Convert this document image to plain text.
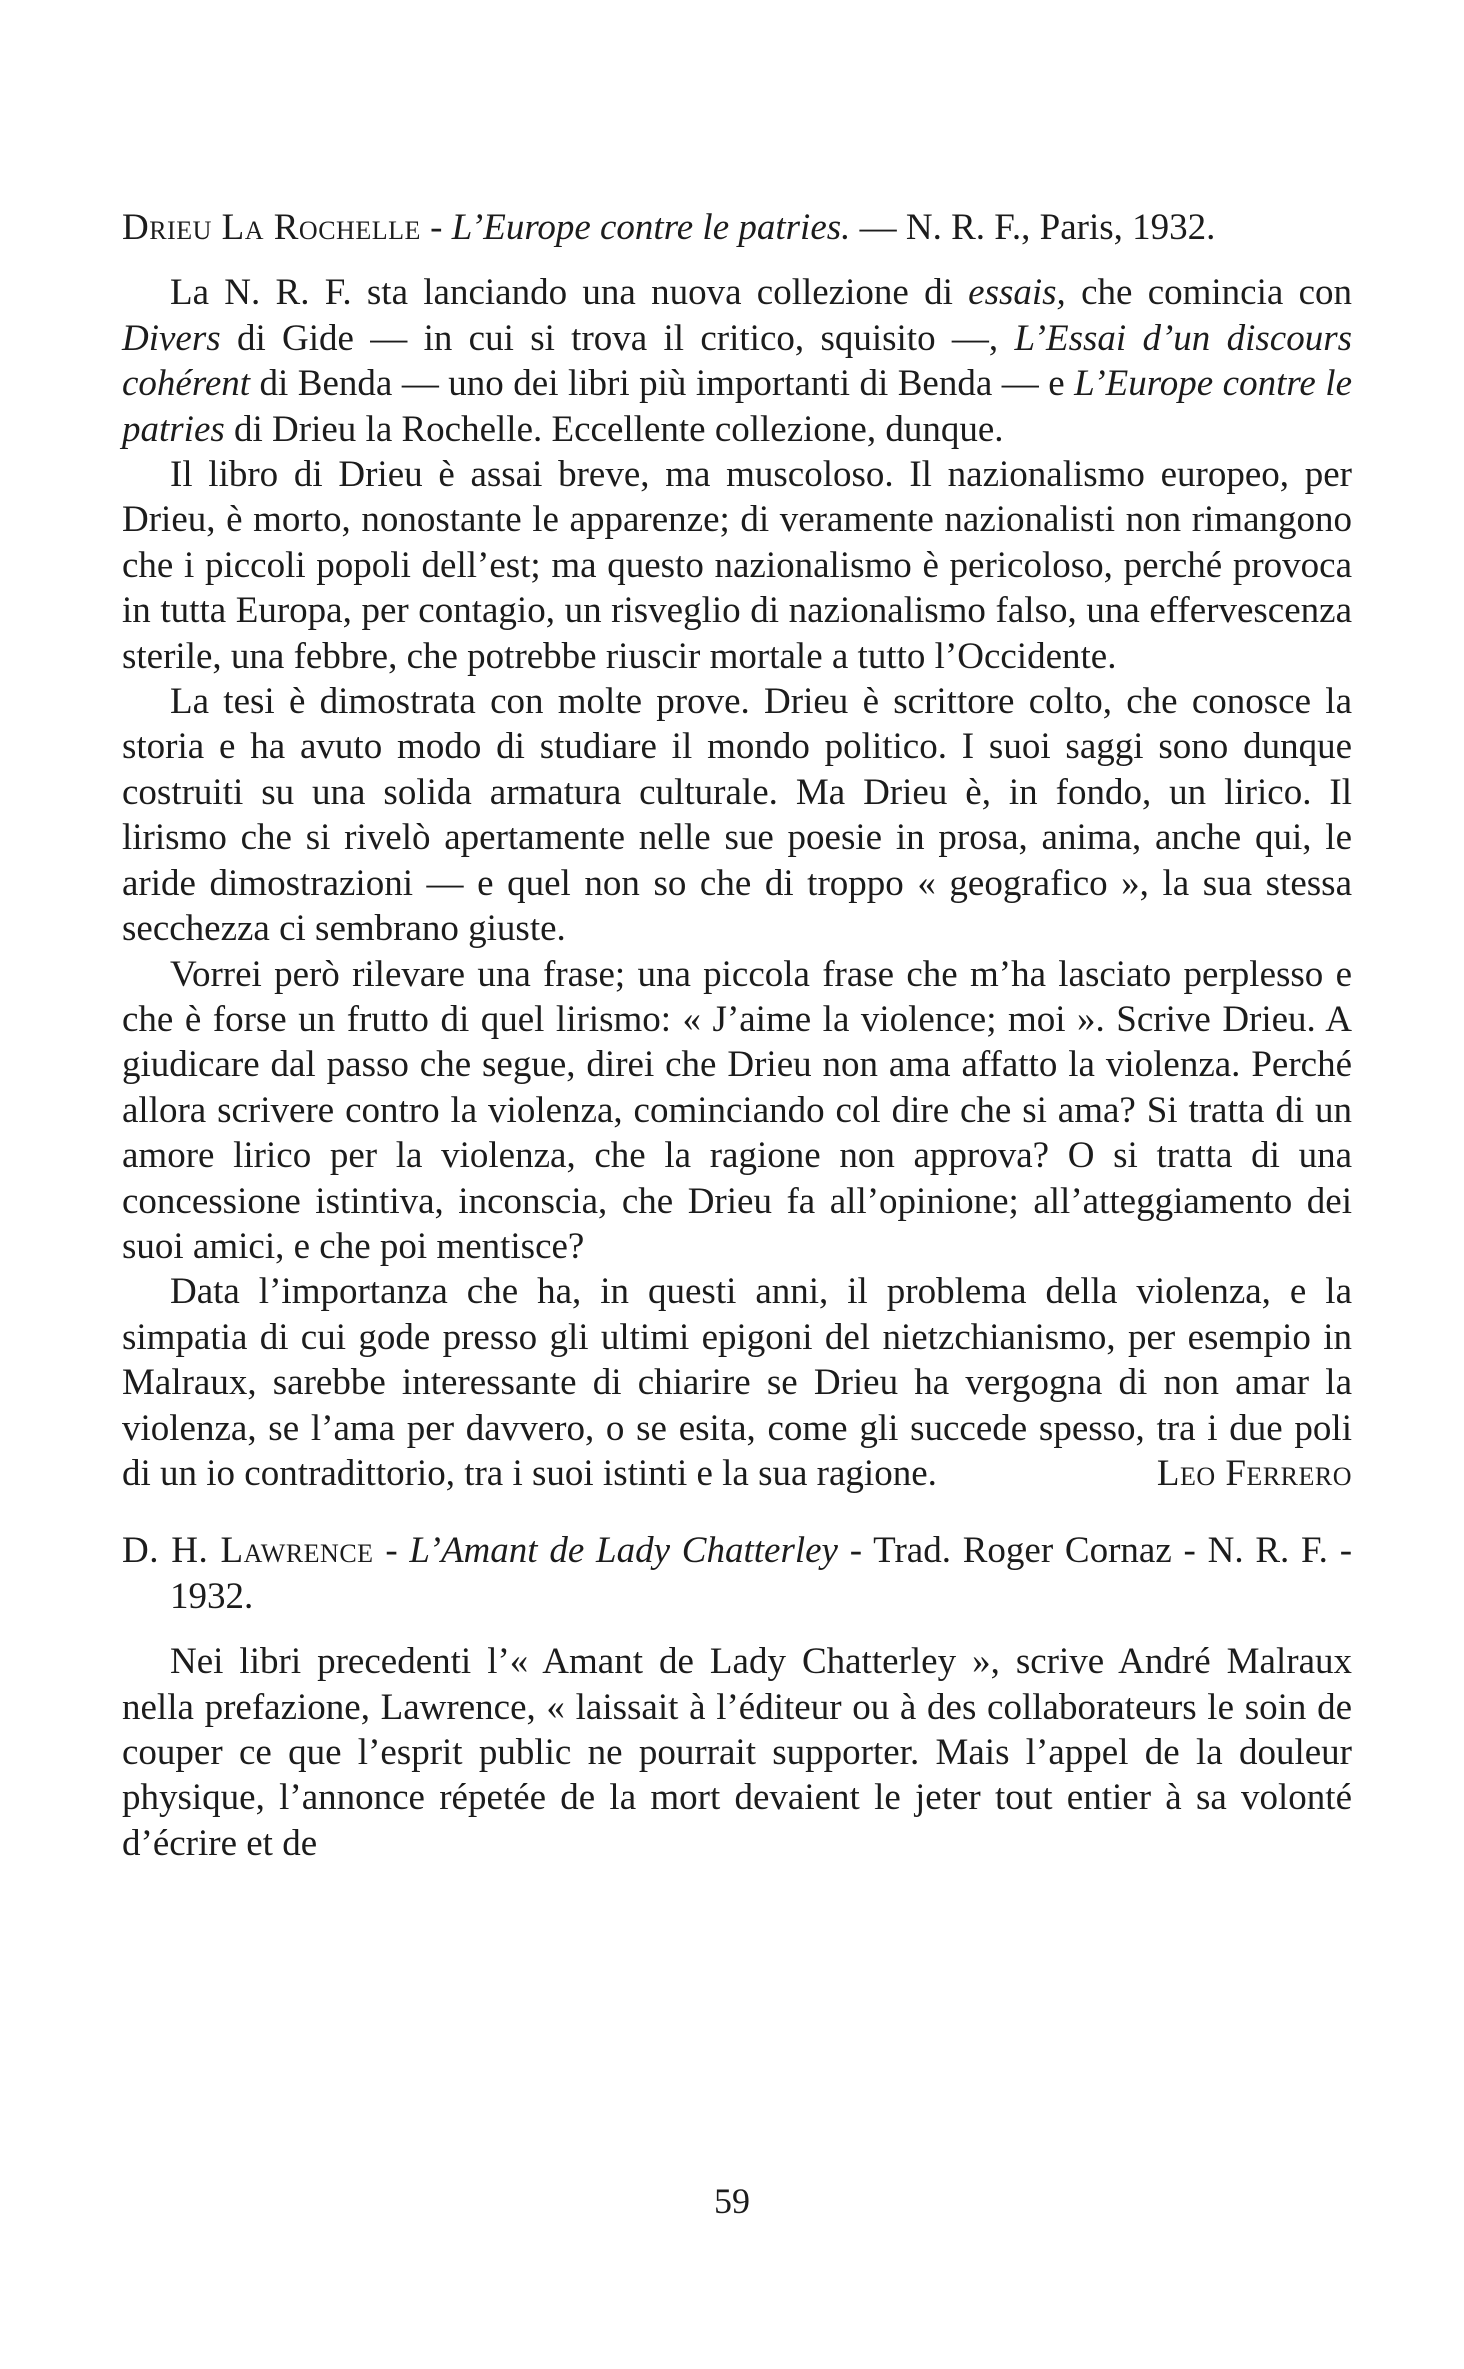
Drieu La Rochelle - L’Europe contre le patries. — N. R. F., Paris, 1932.

La N. R. F. sta lanciando una nuova collezione di essais, che comincia con Divers di Gide — in cui si trova il critico, squisito —, L’Essai d’un discours cohérent di Benda — uno dei libri più importanti di Benda — e L’Europe contre le patries di Drieu la Rochelle. Eccellente collezione, dunque.

Il libro di Drieu è assai breve, ma muscoloso. Il nazionalismo europeo, per Drieu, è morto, nonostante le apparenze; di veramente nazionalisti non rimangono che i piccoli popoli dell’est; ma questo nazionalismo è pericoloso, perché provoca in tutta Europa, per contagio, un risveglio di nazionalismo falso, una effervescenza sterile, una febbre, che potrebbe riuscir mortale a tutto l’Occidente.

La tesi è dimostrata con molte prove. Drieu è scrittore colto, che conosce la storia e ha avuto modo di studiare il mondo politico. I suoi saggi sono dunque costruiti su una solida armatura culturale. Ma Drieu è, in fondo, un lirico. Il lirismo che si rivelò apertamente nelle sue poesie in prosa, anima, anche qui, le aride dimostrazioni — e quel non so che di troppo « geografico », la sua stessa secchezza ci sembrano giuste.

Vorrei però rilevare una frase; una piccola frase che m’ha lasciato perplesso e che è forse un frutto di quel lirismo: « J’aime la violence; moi ». Scrive Drieu. A giudicare dal passo che segue, direi che Drieu non ama affatto la violenza. Perché allora scrivere contro la violenza, cominciando col dire che si ama? Si tratta di un amore lirico per la violenza, che la ragione non approva? O si tratta di una concessione istintiva, inconscia, che Drieu fa all’opinione; all’atteggiamento dei suoi amici, e che poi mentisce?

Data l’importanza che ha, in questi anni, il problema della violenza, e la simpatia di cui gode presso gli ultimi epigoni del nietzchianismo, per esempio in Malraux, sarebbe interessante di chiarire se Drieu ha vergogna di non amar la violenza, se l’ama per davvero, o se esita, come gli succede spesso, tra i due poli di un io contradittorio, tra i suoi istinti e la sua ragione.	Leo Ferrero

D. H. Lawrence - L’Amant de Lady Chatterley - Trad. Roger Cornaz - N. R. F. - 1932.

Nei libri precedenti l’« Amant de Lady Chatterley », scrive André Malraux nella prefazione, Lawrence, « laissait à l’éditeur ou à des collaborateurs le soin de couper ce que l’esprit public ne pourrait supporter. Mais l’appel de la douleur physique, l’annonce répetée de la mort devaient le jeter tout entier à sa volonté d’écrire et de

59
